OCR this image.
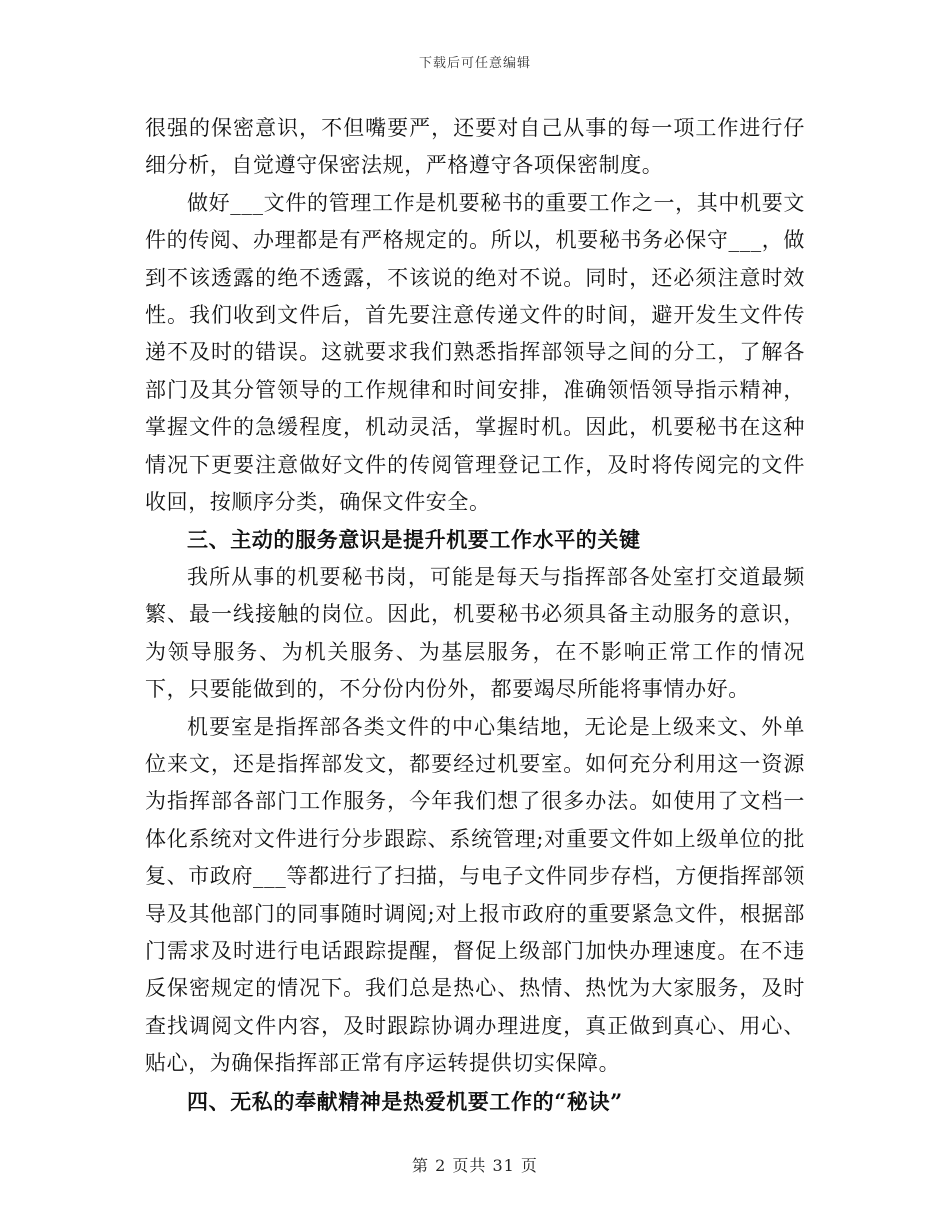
下载后可任意编辑

很强的保密意识，不但嘴要严，还要对自己从事的每一项工作进行仔细分析，自觉遵守保密法规，严格遵守各项保密制度。

做好___文件的管理工作是机要秘书的重要工作之一，其中机要文件的传阅、办理都是有严格规定的。所以，机要秘书务必保守___，做到不该透露的绝不透露，不该说的绝对不说。同时，还必须注意时效性。我们收到文件后，首先要注意传递文件的时间，避开发生文件传递不及时的错误。这就要求我们熟悉指挥部领导之间的分工，了解各部门及其分管领导的工作规律和时间安排，准确领悟领导指示精神，掌握文件的急缓程度，机动灵活，掌握时机。因此，机要秘书在这种情况下更要注意做好文件的传阅管理登记工作，及时将传阅完的文件收回，按顺序分类，确保文件安全。

三、主动的服务意识是提升机要工作水平的关键

我所从事的机要秘书岗，可能是每天与指挥部各处室打交道最频繁、最一线接触的岗位。因此，机要秘书必须具备主动服务的意识，为领导服务、为机关服务、为基层服务，在不影响正常工作的情况下，只要能做到的，不分份内份外，都要竭尽所能将事情办好。

机要室是指挥部各类文件的中心集结地，无论是上级来文、外单位来文，还是指挥部发文，都要经过机要室。如何充分利用这一资源为指挥部各部门工作服务，今年我们想了很多办法。如使用了文档一体化系统对文件进行分步跟踪、系统管理;对重要文件如上级单位的批复、市政府___等都进行了扫描，与电子文件同步存档，方便指挥部领导及其他部门的同事随时调阅;对上报市政府的重要紧急文件，根据部门需求及时进行电话跟踪提醒，督促上级部门加快办理速度。在不违反保密规定的情况下。我们总是热心、热情、热忱为大家服务，及时查找调阅文件内容，及时跟踪协调办理进度，真正做到真心、用心、贴心，为确保指挥部正常有序运转提供切实保障。

四、无私的奉献精神是热爱机要工作的“秘诀”

第 2 页共 31 页
